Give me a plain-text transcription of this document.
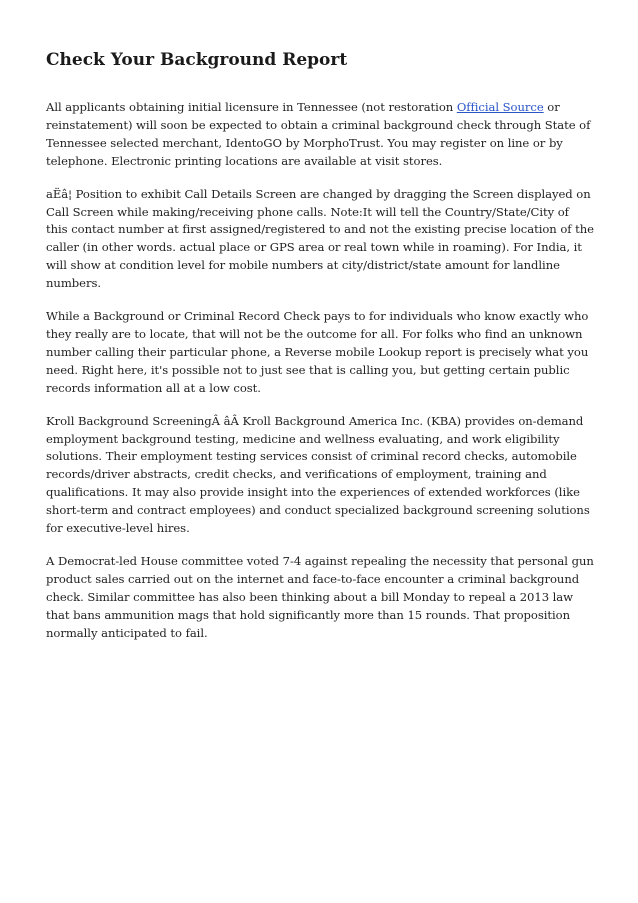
Check Your Background Report

All applicants obtaining initial licensure in Tennessee (not restoration Official Source or reinstatement) will soon be expected to obtain a criminal background check through State of Tennessee selected merchant, IdentoGO by MorphoTrust. You may register on line or by telephone. Electronic printing locations are available at visit stores.

aËâ¦ Position to exhibit Call Details Screen are changed by dragging the Screen displayed on Call Screen while making/receiving phone calls. Note:It will tell the Country/State/City of this contact number at first assigned/registered to and not the existing precise location of the caller (in other words. actual place or GPS area or real town while in roaming). For India, it will show at condition level for mobile numbers at city/district/state amount for landline numbers.

While a Background or Criminal Record Check pays to for individuals who know exactly who they really are to locate, that will not be the outcome for all. For folks who find an unknown number calling their particular phone, a Reverse mobile Lookup report is precisely what you need. Right here, it's possible not to just see that is calling you, but getting certain public records information all at a low cost.

Kroll Background ScreeningÂ âÂ Kroll Background America Inc. (KBA) provides on-demand employment background testing, medicine and wellness evaluating, and work eligibility solutions. Their employment testing services consist of criminal record checks, automobile records/driver abstracts, credit checks, and verifications of employment, training and qualifications. It may also provide insight into the experiences of extended workforces (like short-term and contract employees) and conduct specialized background screening solutions for executive-level hires.

A Democrat-led House committee voted 7-4 against repealing the necessity that personal gun product sales carried out on the internet and face-to-face encounter a criminal background check. Similar committee has also been thinking about a bill Monday to repeal a 2013 law that bans ammunition mags that hold significantly more than 15 rounds. That proposition normally anticipated to fail.
